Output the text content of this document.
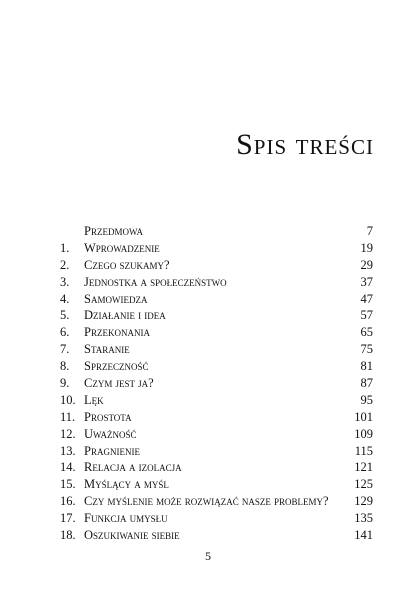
Spis treści
Przedmowa	7
1.	Wprowadzenie	19
2.	Czego szukamy?	29
3.	Jednostka a społeczeństwo	37
4.	Samowiedza	47
5.	Działanie i idea	57
6.	Przekonania	65
7.	Staranie	75
8.	Sprzeczność	81
9.	Czym jest ja?	87
10. Lęk	95
11. Prostota	101
12. Uważność	109
13. Pragnienie	115
14. Relacja a izolacja	121
15. Myślący a myśl	125
16. Czy myślenie może rozwiązać nasze problemy?	129
17. Funkcja umysłu	135
18. Oszukiwanie siebie	141
5
